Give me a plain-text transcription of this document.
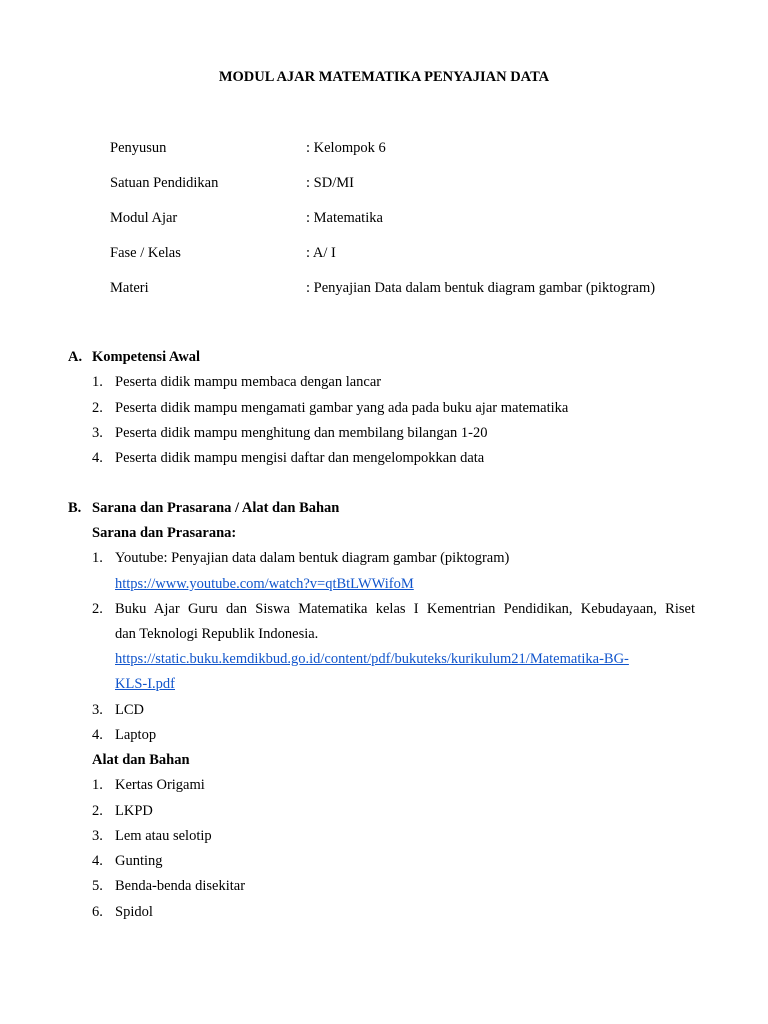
MODUL AJAR MATEMATIKA PENYAJIAN DATA
Penyusun	: Kelompok 6
Satuan Pendidikan	: SD/MI
Modul Ajar	: Matematika
Fase / Kelas	: A/ I
Materi	: Penyajian Data dalam bentuk diagram gambar (piktogram)
A. Kompetensi Awal
1. Peserta didik mampu membaca dengan lancar
2. Peserta didik mampu mengamati gambar yang ada pada buku ajar matematika
3. Peserta didik mampu menghitung dan membilang bilangan 1-20
4. Peserta didik mampu mengisi daftar dan mengelompokkan data
B. Sarana dan Prasarana / Alat dan Bahan
Sarana dan Prasarana:
1. Youtube: Penyajian data dalam bentuk diagram gambar (piktogram)
https://www.youtube.com/watch?v=qtBtLWWifoM
2. Buku Ajar Guru dan Siswa Matematika kelas I Kementrian Pendidikan, Kebudayaan, Riset
dan Teknologi Republik Indonesia.
https://static.buku.kemdikbud.go.id/content/pdf/bukuteks/kurikulum21/Matematika-BG-
KLS-I.pdf
3. LCD
4. Laptop
Alat dan Bahan
1. Kertas Origami
2. LKPD
3. Lem atau selotip
4. Gunting
5. Benda-benda disekitar
6. Spidol
